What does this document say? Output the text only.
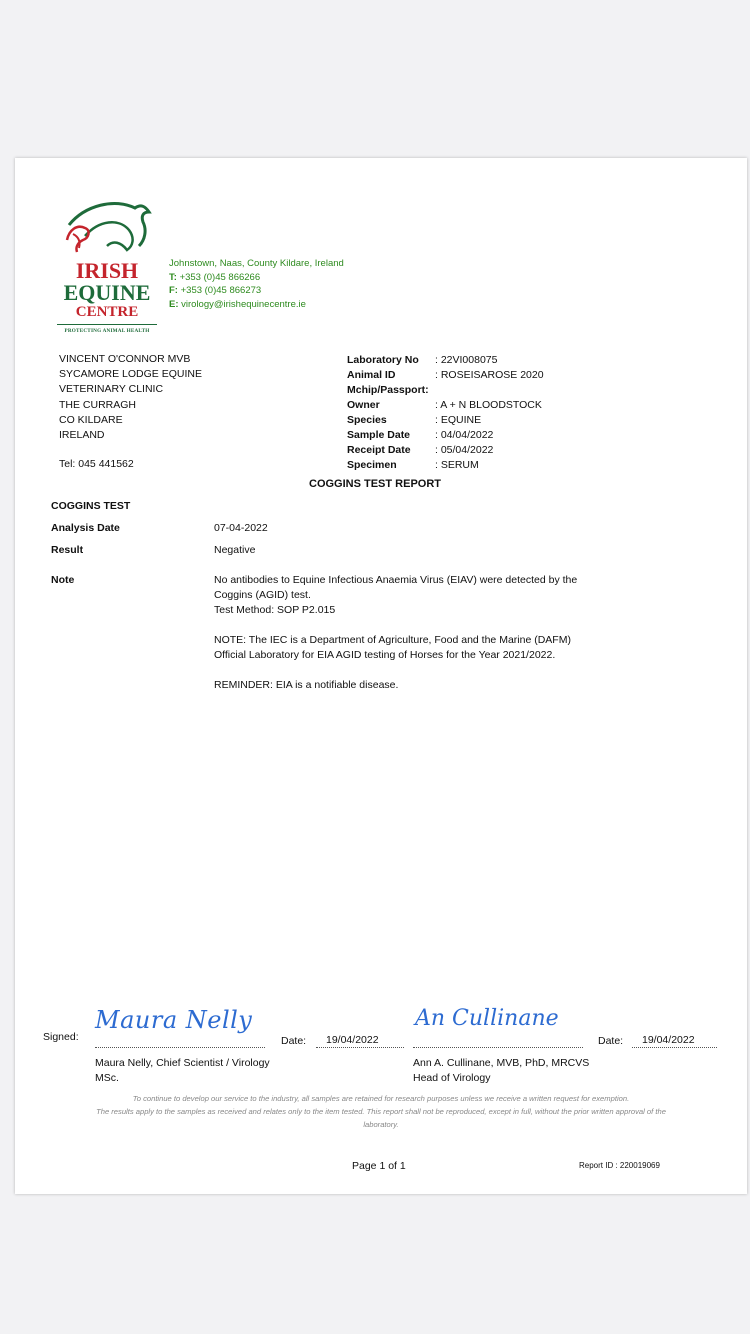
IRISH
EQUINE
CENTRE
PROTECTING ANIMAL HEALTH
Johnstown, Naas, County Kildare, Ireland
T: +353 (0)45 866266
F: +353 (0)45 866273
E: virology@irishequinecentre.ie
VINCENT O'CONNOR MVB
SYCAMORE LODGE EQUINE
VETERINARY CLINIC
THE CURRAGH
CO KILDARE
IRELAND
Tel: 045 441562
Laboratory No	: 22VI008075
Animal ID	: ROSEISAROSE 2020
Mchip/Passport:
Owner	: A + N BLOODSTOCK
Species	: EQUINE
Sample Date	: 04/04/2022
Receipt Date	: 05/04/2022
Specimen	: SERUM
COGGINS TEST REPORT
COGGINS TEST
Analysis Date	07-04-2022
Result	Negative
Note	No antibodies to Equine Infectious Anaemia Virus (EIAV) were detected by the Coggins (AGID) test.

Test Method: SOP P2.015

NOTE: The IEC is a Department of Agriculture, Food and the Marine (DAFM) Official Laboratory for EIA AGID testing of Horses for the Year 2021/2022.

REMINDER: EIA is a notifiable disease.

Signed:
Maura Nelly
Date:	19/04/2022
Maura Nelly, Chief Scientist / Virology
MSc.
An Cullinane
Date:	19/04/2022
Ann A. Cullinane, MVB, PhD, MRCVS
Head of Virology
To continue to develop our service to the industry, all samples are retained for research purposes unless we receive a written request for exemption.
The results apply to the samples as received and relates only to the item tested. This report shall not be reproduced, except in full, without the prior written approval of the laboratory.
Page 1 of 1	Report ID : 220019069
